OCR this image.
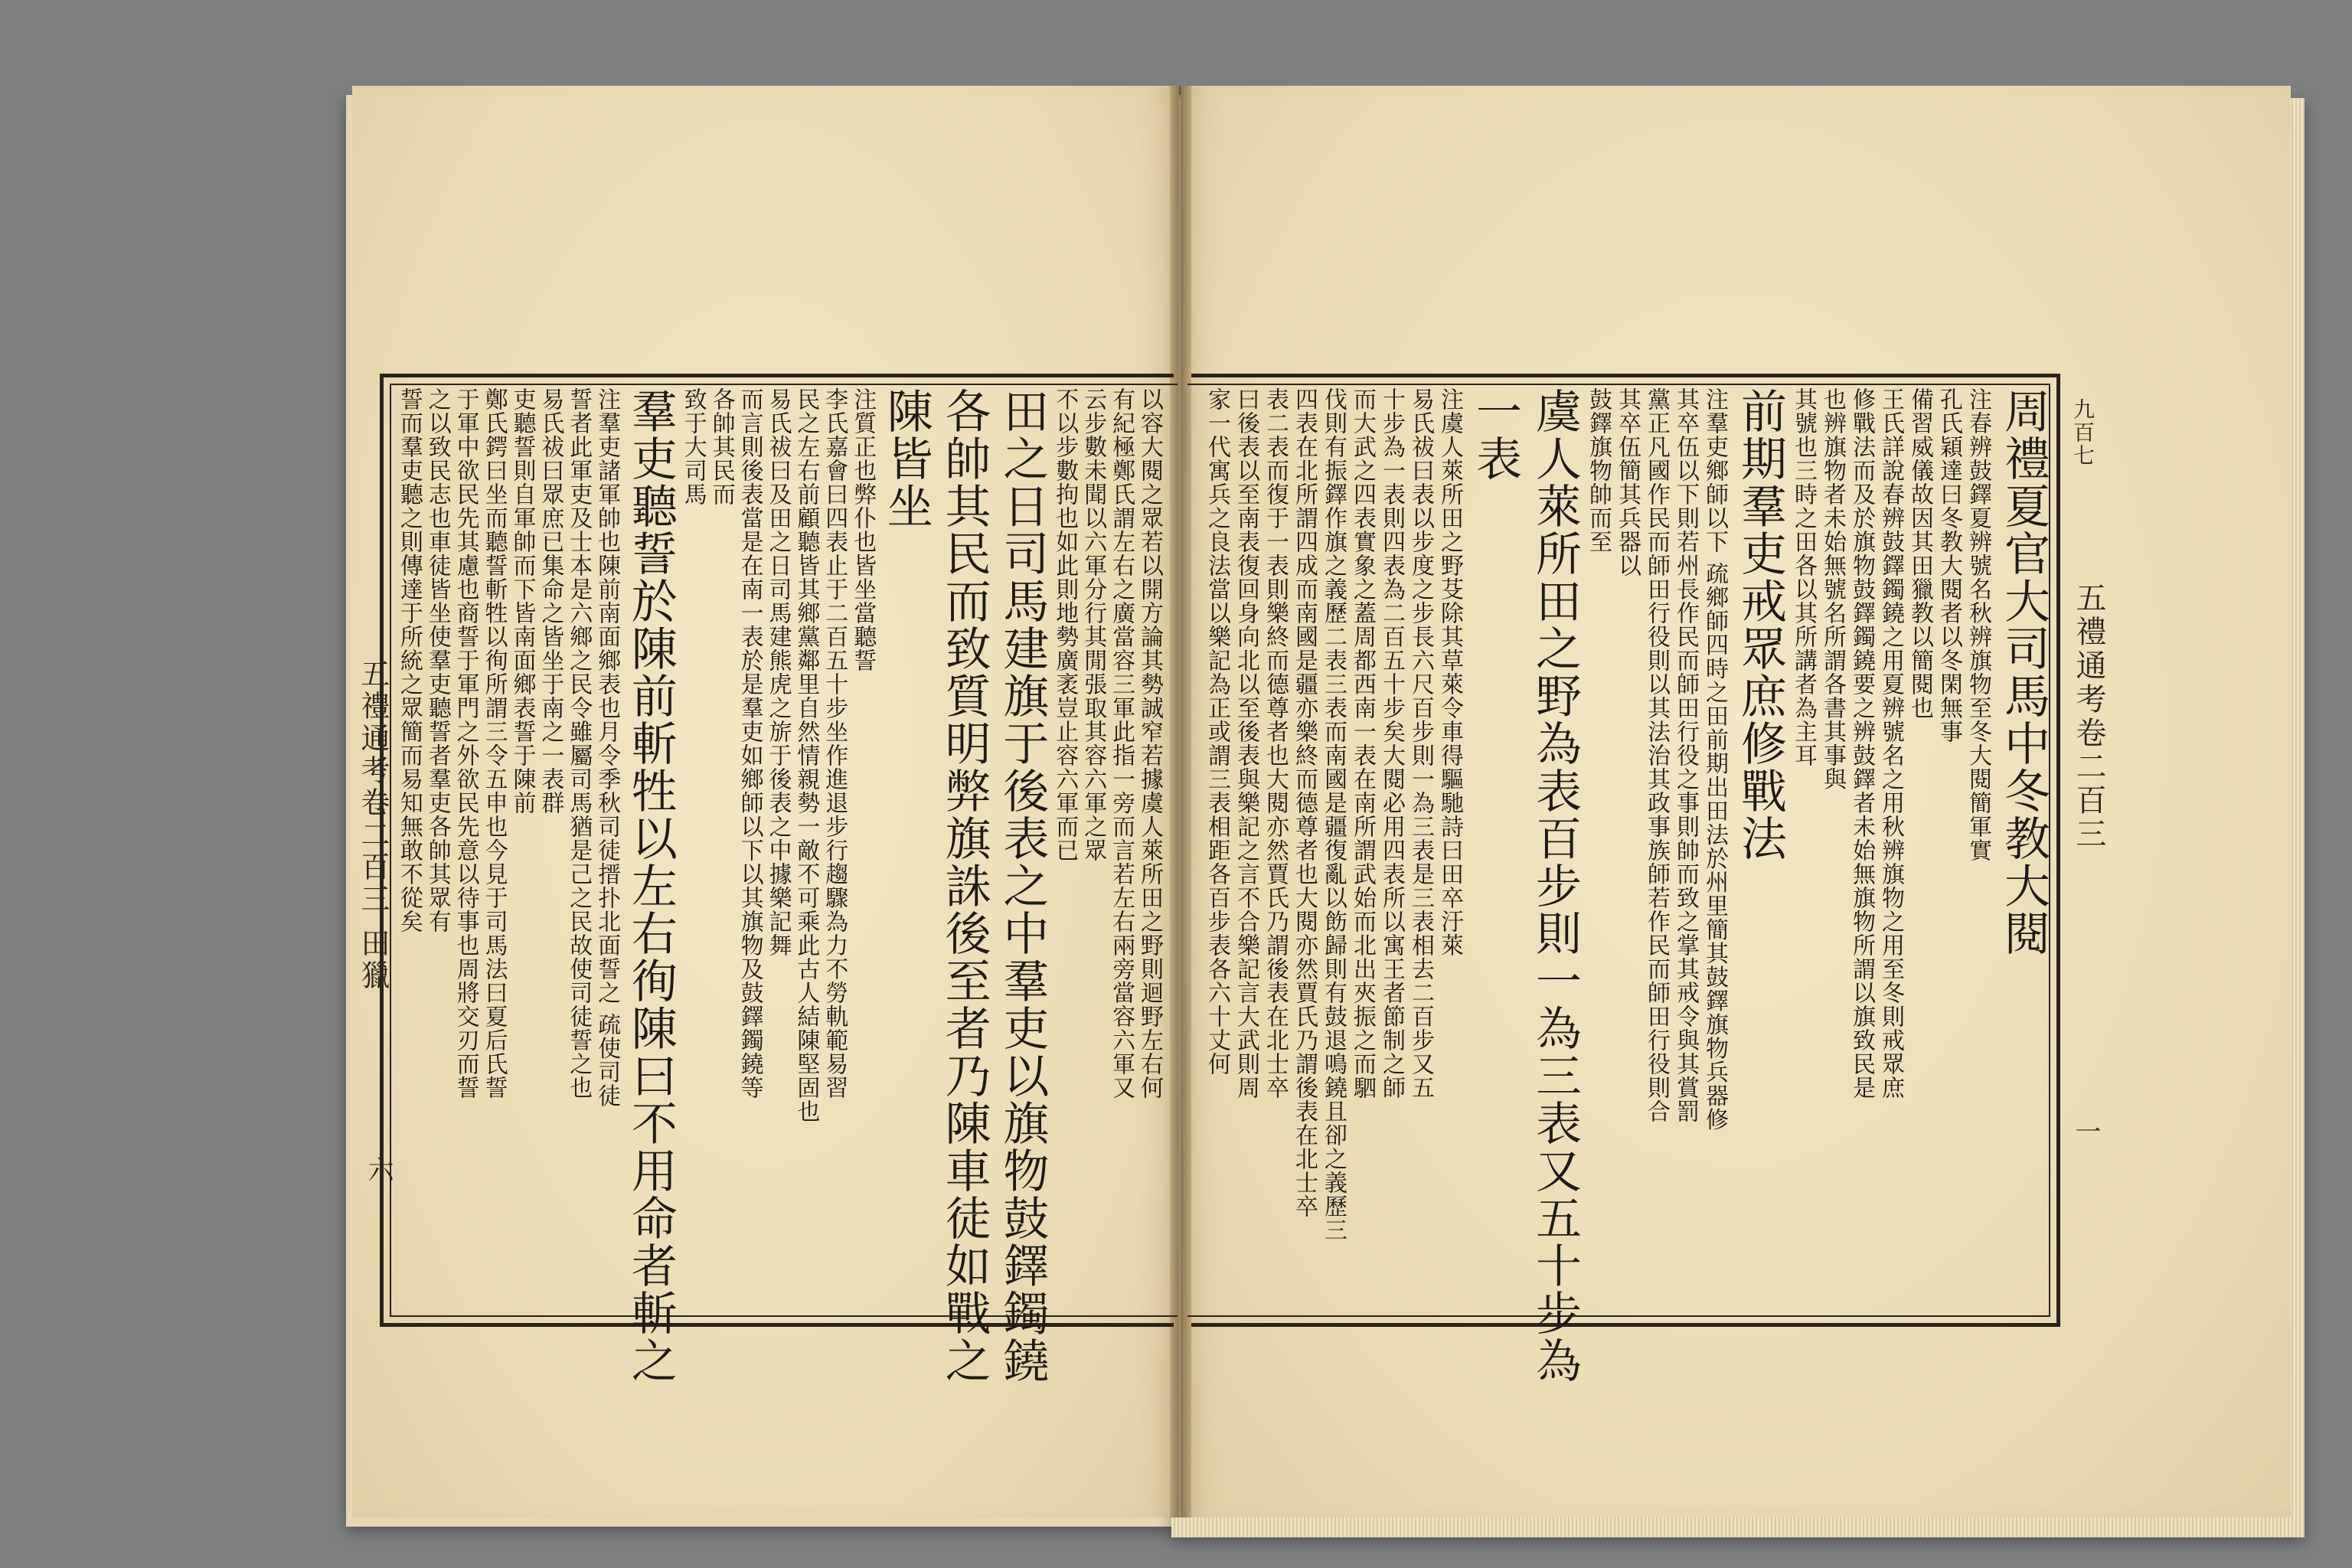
九百七
五禮通考卷二百三
一
五禮通考卷二百三 田獵
六
周禮夏官大司馬中冬教大閱
注春辨鼓鐸夏辨號名秋辨旗物至冬大閱簡軍實
孔氏穎達曰冬教大閱者以冬閑無事
備習威儀故因其田獵教以簡閱也
王氏詳說春辨鼓鐸鐲鐃之用夏辨號名之用秋辨旗物之用至冬則戒眾庶
修戰法而及於旗物鼓鐸鐲鐃要之辨鼓鐸者未始無旗物所謂以旗致民是
也辨旗物者未始無號名所謂各書其事與
其號也三時之田各以其所講者為主耳
前期羣吏戒眾庶修戰法
注羣吏鄉師以下 疏鄉師四時之田前期出田法於州里簡其鼓鐸旗物兵器修
其卒伍以下則若州長作民而師田行役之事則帥而致之掌其戒令與其賞罰
黨正凡國作民而師田行役則以其法治其政事族師若作民而師田行役則合
其卒伍簡其兵器以
鼓鐸旗物帥而至
虞人萊所田之野為表百步則一為三表又五十步為
一表
注虞人萊所田之野芟除其草萊令車得驅馳詩曰田卒汙萊
易氏祓曰表以步度之步長六尺百步則一為三表是三表相去二百步又五
十步為一表則四表為二百五十步矣大閱必用四表所以寓王者節制之師
而大武之四表實象之蓋周都西南一表在南所謂武始而北出夾振之而駟
伐則有振鐸作旗之義歷二表三表而南國是疆復亂以飭歸則有鼓退鳴鐃且卻之義歷三
四表在北所謂四成而南國是疆亦樂終而德尊者也大閱亦然賈氏乃謂後表在北士卒
表二表而復于一表則樂終而德尊者也大閱亦然賈氏乃謂後表在北士卒
曰後表以至南表復回身向北以至後表與樂記之言不合樂記言大武則周
家一代寓兵之良法當以樂記為正或謂三表相距各百步表各六十丈何
以容大閱之眾若以開方論其勢誠窄若據虞人萊所田之野則迴野左右何
有紀極鄭氏謂左右之廣當容三軍此指一旁而言若左右兩旁當容六軍又
云步數未聞以六軍分行其閒張取其容六軍之眾
不以步數拘也如此則地勢廣袤豈止容六軍而已
田之日司馬建旗于後表之中羣吏以旗物鼓鐸鐲鐃
各帥其民而致質明弊旗誅後至者乃陳車徒如戰之
陳皆坐
注質正也弊仆也皆坐當聽誓
李氏嘉會曰四表止于二百五十步坐作進退步行趨驟為力不勞軌範易習
民之左右前顧聽皆其鄉黨鄰里自然情親勢一敵不可乘此古人結陳堅固也
易氏祓曰及田之日司馬建熊虎之旂于後表之中據樂記舞
而言則後表當是在南一表於是羣吏如鄉師以下以其旗物及鼓鐸鐲鐃等
各帥其民而
致于大司馬
羣吏聽誓於陳前斬牲以左右徇陳曰不用命者斬之
注羣吏諸軍帥也陳前南面鄉表也月令季秋司徒搢扑北面誓之 疏使司徒
誓者此軍吏及士本是六鄉之民令雖屬司馬猶是己之民故使司徒誓之也
易氏祓曰眾庶已集命之皆坐于南之一表群
吏聽誓則自軍帥而下皆南面鄉表誓于陳前
鄭氏鍔曰坐而聽誓斬牲以徇所謂三令五申也今見于司馬法曰夏后氏誓
于軍中欲民先其慮也商誓于軍門之外欲民先意以待事也周將交刃而誓
之以致民志也車徒皆坐使羣吏聽誓者羣吏各帥其眾有
誓而羣吏聽之則傳達于所統之眾簡而易知無敢不從矣
